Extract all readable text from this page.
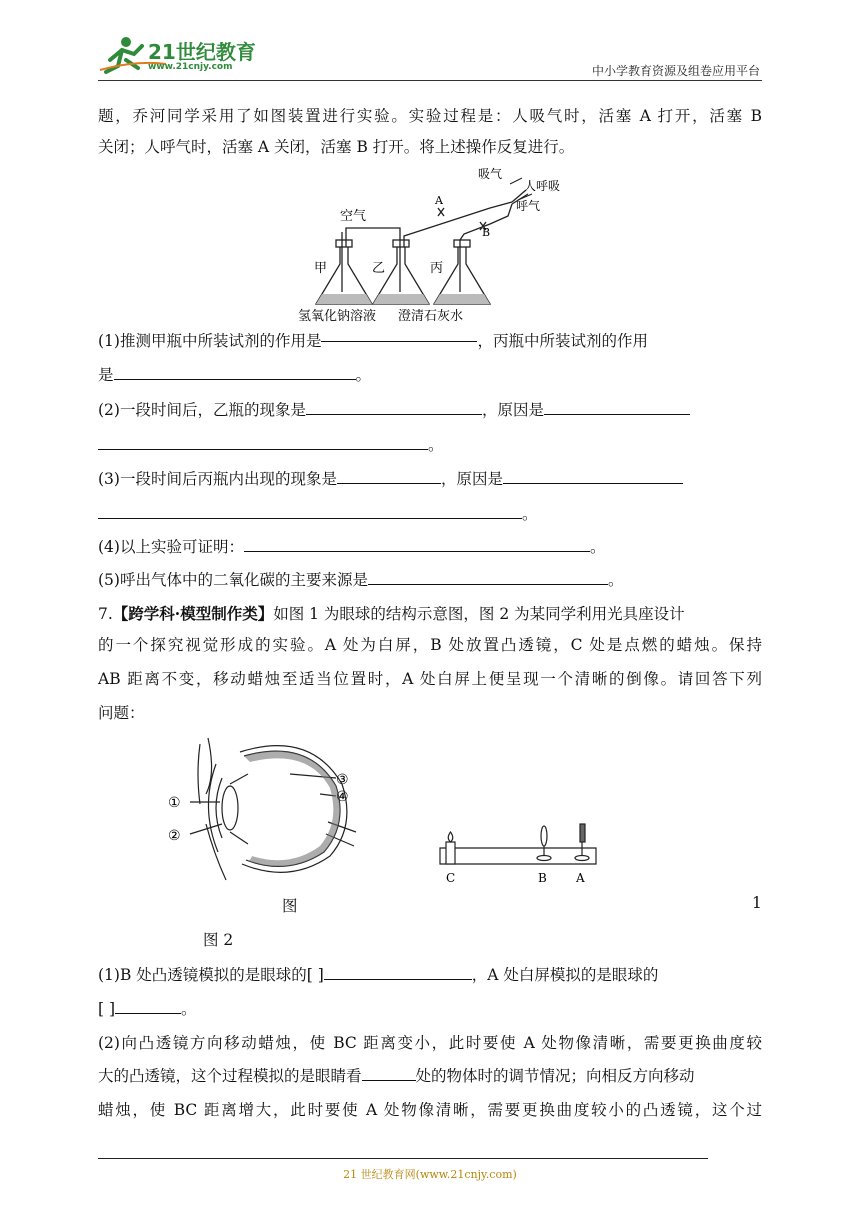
21世纪教育
www.21cnjy.com	中小学教育资源及组卷应用平台
题，乔河同学采用了如图装置进行实验。实验过程是：人吸气时，活塞 A 打开，活塞 B
关闭；人呼气时，活塞 A 关闭，活塞 B 打开。将上述操作反复进行。
空气
吸气
人呼吸
呼气
A
B
甲	乙	丙
氢氧化钠溶液 澄清石灰水
(1)推测甲瓶中所装试剂的作用是	，丙瓶中所装试剂的作用
是	。
(2)一段时间后，乙瓶的现象是	，原因是
。
(3)一段时间后丙瓶内出现的现象是	，原因是
。
(4)以上实验可证明：	。
(5)呼出气体中的二氧化碳的主要来源是	。
7.【跨学科·模型制作类】如图 1 为眼球的结构示意图，图 2 为某同学利用光具座设计
的一个探究视觉形成的实验。A 处为白屏，B 处放置凸透镜，C 处是点燃的蜡烛。保持
AB 距离不变，移动蜡烛至适当位置时，A 处白屏上便呈现一个清晰的倒像。请回答下列
问题：
①
②
③
④
C	B A
图	1
图 2
(1)B 处凸透镜模拟的是眼球的[ ]	，A 处白屏模拟的是眼球的
[ ]	。
(2)向凸透镜方向移动蜡烛，使 BC 距离变小，此时要使 A 处物像清晰，需要更换曲度较
大的凸透镜，这个过程模拟的是眼睛看	处的物体时的调节情况；向相反方向移动
蜡烛，使 BC 距离增大，此时要使 A 处物像清晰，需要更换曲度较小的凸透镜，这个过
21 世纪教育网(www.21cnjy.com)
